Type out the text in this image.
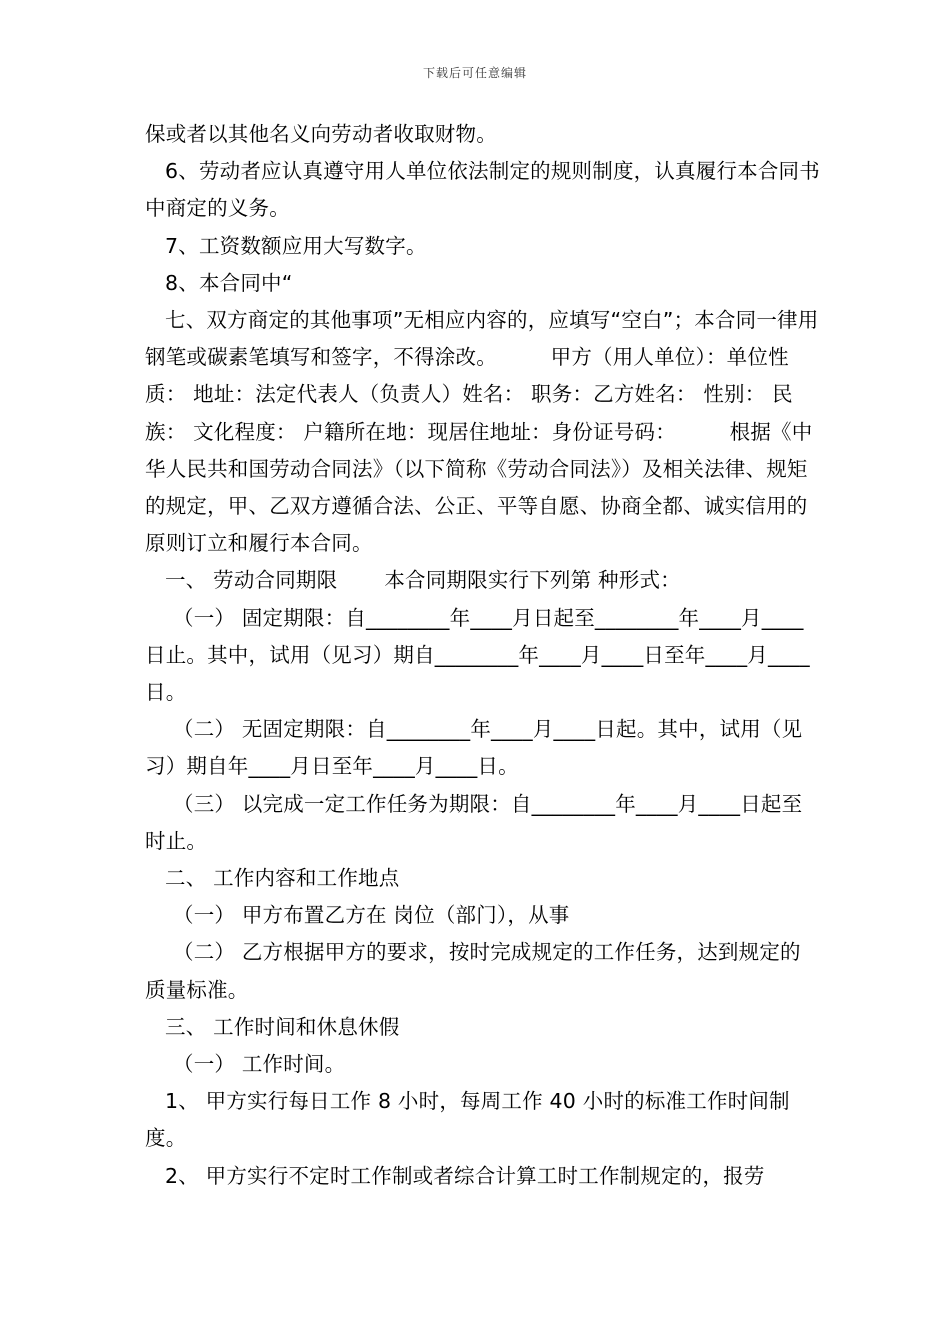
下载后可任意编辑

保或者以其他名义向劳动者收取财物。

6、劳动者应认真遵守用人单位依法制定的规则制度，认真履行本合同书中商定的义务。

7、工资数额应用大写数字。

8、本合同中“

七、双方商定的其他事项”无相应内容的，应填写“空白”；本合同一律用钢笔或碳素笔填写和签字，不得涂改。        甲方（用人单位）：单位性质： 地址：法定代表人（负责人）姓名： 职务：乙方姓名： 性别： 民族： 文化程度： 户籍所在地：现居住地址：身份证号码：        根据《中华人民共和国劳动合同法》（以下简称《劳动合同法》）及相关法律、规矩的规定，甲、乙双方遵循合法、公正、平等自愿、协商全都、诚实信用的原则订立和履行本合同。

一、 劳动合同期限       本合同期限实行下列第 种形式：

（一） 固定期限：自________年____月日起至________年____月____日止。其中，试用（见习）期自________年____月____日至年____月____日。

（二） 无固定期限：自________年____月____日起。其中，试用（见习）期自年____月日至年____月____日。

（三） 以完成一定工作任务为期限：自________年____月____日起至时止。

二、 工作内容和工作地点

（一） 甲方布置乙方在 岗位（部门），从事

（二） 乙方根据甲方的要求，按时完成规定的工作任务，达到规定的质量标准。

三、 工作时间和休息休假

（一） 工作时间。

1、 甲方实行每日工作 8 小时，每周工作 40 小时的标准工作时间制度。

2、 甲方实行不定时工作制或者综合计算工时工作制规定的，报劳
